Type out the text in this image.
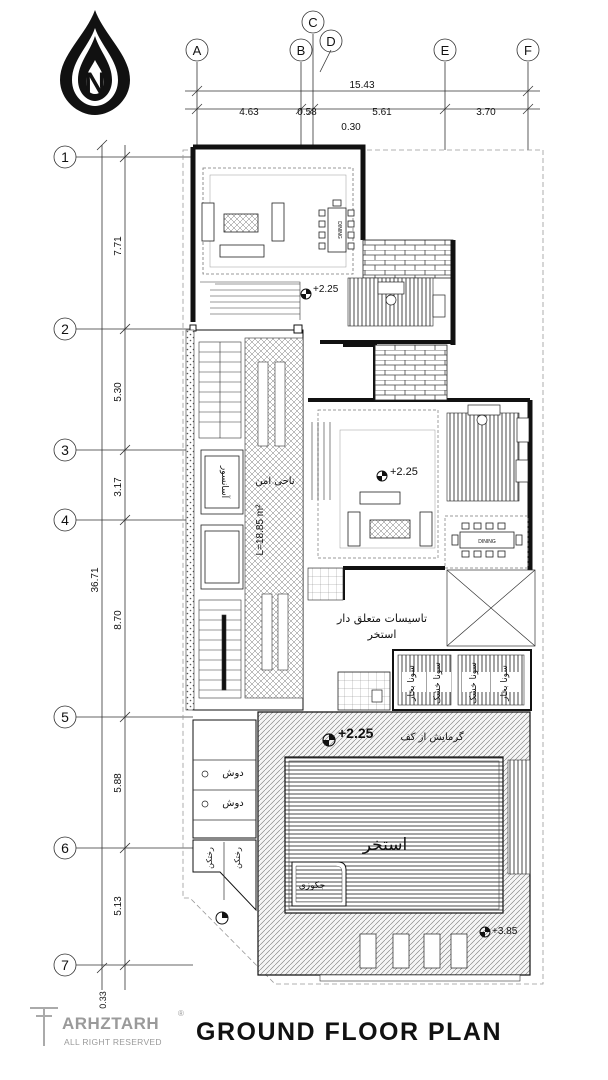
N
A	B
C
D
E	F
15.43
4.63	0.58	5.61	3.70
0.30
1
2
3
4
5
6
7
36.71
7.71
5.30
3.17
8.70
5.88
5.13
0.33
DINING
+2.25
آسانسور	ناحی امن
L=18.85 m²
+2.25
DINING
تاسیسات متعلق دار
استخر
سونا بخار سونا خشک	سونا خشک سونا بخار
+2.25	گرمایش از کف
استخر
جکوزی
+3.85
دوش
دوش
رختکن رختکن
®
ARHZTARH
ALL RIGHT RESERVED GROUND FLOOR PLAN
